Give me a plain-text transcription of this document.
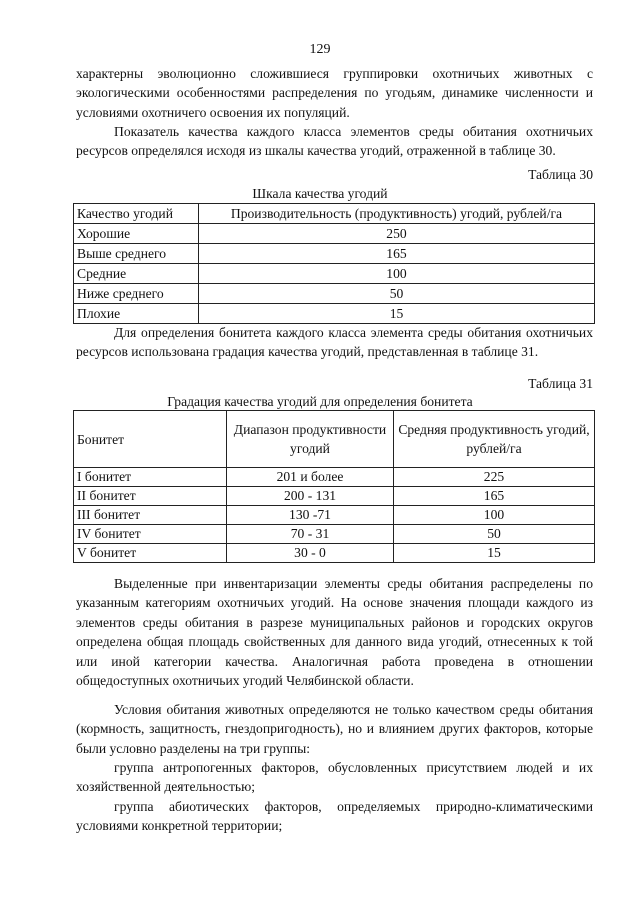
129

характерны эволюционно сложившиеся группировки охотничьих животных с экологическими особенностями распределения по угодьям, динамике численности и условиями охотничего освоения их популяций.

Показатель качества каждого класса элементов среды обитания охотничьих ресурсов определялся исходя из шкалы качества угодий, отраженной в таблице 30.

Таблица 30
Шкала качества угодий
Качество угодий	Производительность (продуктивность) угодий, рублей/га
Хорошие	250
Выше среднего	165
Средние	100
Ниже среднего	50
Плохие	15

Для определения бонитета каждого класса элемента среды обитания охотничьих ресурсов использована градация качества угодий, представленная в таблице 31.

Таблица 31
Градация качества угодий для определения бонитета
Бонитет	Диапазон продуктивности угодий	Средняя продуктивность угодий, рублей/га
I бонитет	201 и более	225
II бонитет	200 - 131	165
III бонитет	130 -71	100
IV бонитет	70 - 31	50
V бонитет	30 - 0	15

Выделенные при инвентаризации элементы среды обитания распределены по указанным категориям охотничьих угодий. На основе значения площади каждого из элементов среды обитания в разрезе муниципальных районов и городских округов определена общая площадь свойственных для данного вида угодий, отнесенных к той или иной категории качества. Аналогичная работа проведена в отношении общедоступных охотничьих угодий Челябинской области.

Условия обитания животных определяются не только качеством среды обитания (кормность, защитность, гнездопригодность), но и влиянием других факторов, которые были условно разделены на три группы:

группа антропогенных факторов, обусловленных присутствием людей и их хозяйственной деятельностью;

группа абиотических факторов, определяемых природно-климатическими условиями конкретной территории;
